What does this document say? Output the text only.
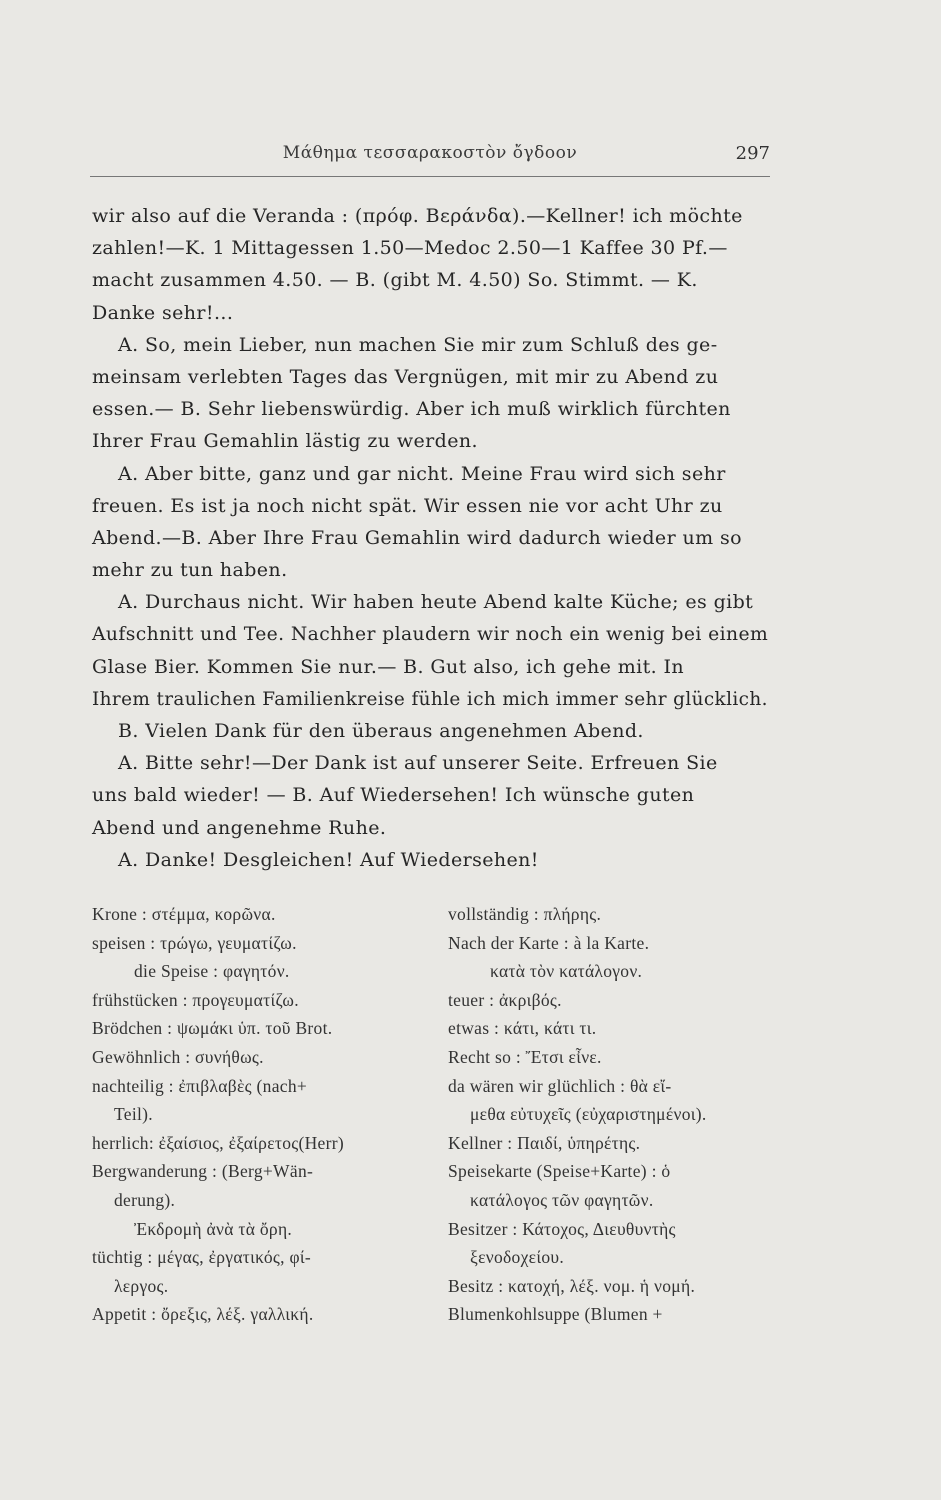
Μάθημα τεσσαρακοστὸν ὄγδοον	297
wir also auf die Veranda : (πρόφ. Βεράνδα).—Kellner! ich möchte
zahlen!—K. 1 Mittagessen 1.50—Medoc 2.50—1 Kaffee 30 Pf.—
macht zusammen 4.50. — B. (gibt M. 4.50) So. Stimmt. — K.
Danke sehr!...
A. So, mein Lieber, nun machen Sie mir zum Schluß des ge-
meinsam verlebten Tages das Vergnügen, mit mir zu Abend zu
essen.— B. Sehr liebenswürdig. Aber ich muß wirklich fürchten
Ihrer Frau Gemahlin lästig zu werden.
A. Aber bitte, ganz und gar nicht. Meine Frau wird sich sehr
freuen. Es ist ja noch nicht spät. Wir essen nie vor acht Uhr zu
Abend.—B. Aber Ihre Frau Gemahlin wird dadurch wieder um so
mehr zu tun haben.
A. Durchaus nicht. Wir haben heute Abend kalte Küche; es gibt
Aufschnitt und Tee. Nachher plaudern wir noch ein wenig bei einem
Glase Bier. Kommen Sie nur.— B. Gut also, ich gehe mit. In
Ihrem traulichen Familienkreise fühle ich mich immer sehr glücklich.
B. Vielen Dank für den überaus angenehmen Abend.
A. Bitte sehr!—Der Dank ist auf unserer Seite. Erfreuen Sie
uns bald wieder! — B. Auf Wiedersehen! Ich wünsche guten
Abend und angenehme Ruhe.
A. Danke! Desgleichen! Auf Wiedersehen!
Krone : στέμμα, κορῶνα.
speisen : τρώγω, γευματίζω.
die Speise : φαγητόν.
frühstücken : προγευματίζω.
Brödchen : ψωμάκι ὑπ. τοῦ Brot.
Gewöhnlich : συνήθως.
nachteilig : ἐπιβλαβὲς (nach+
Teil).
herrlich: ἐξαίσιος, ἐξαίρετος(Herr)
Bergwanderung : (Berg+Wän-
derung).
Ἐκδρομὴ ἀνὰ τὰ ὄρη.
tüchtig : μέγας, ἐργατικός, φί-
λεργος.
Appetit : ὄρεξις, λέξ. γαλλική.
vollständig : πλήρης.
Nach der Karte : à la Karte.
κατὰ τὸν κατάλογον.
teuer : ἀκριβός.
etwas : κάτι, κάτι τι.
Recht so : Ἔτσι εἶνε.
da wären wir glüchlich : θὰ εἴ-
μεθα εὐτυχεῖς (εὐχαριστημένοι).
Kellner : Παιδί, ὑπηρέτης.
Speisekarte (Speise+Karte) : ὁ
κατάλογος τῶν φαγητῶν.
Besitzer : Κάτοχος, Διευθυντὴς
ξενοδοχείου.
Besitz : κατοχή, λέξ. νομ. ἡ νομή.
Blumenkohlsuppe (Blumen +
